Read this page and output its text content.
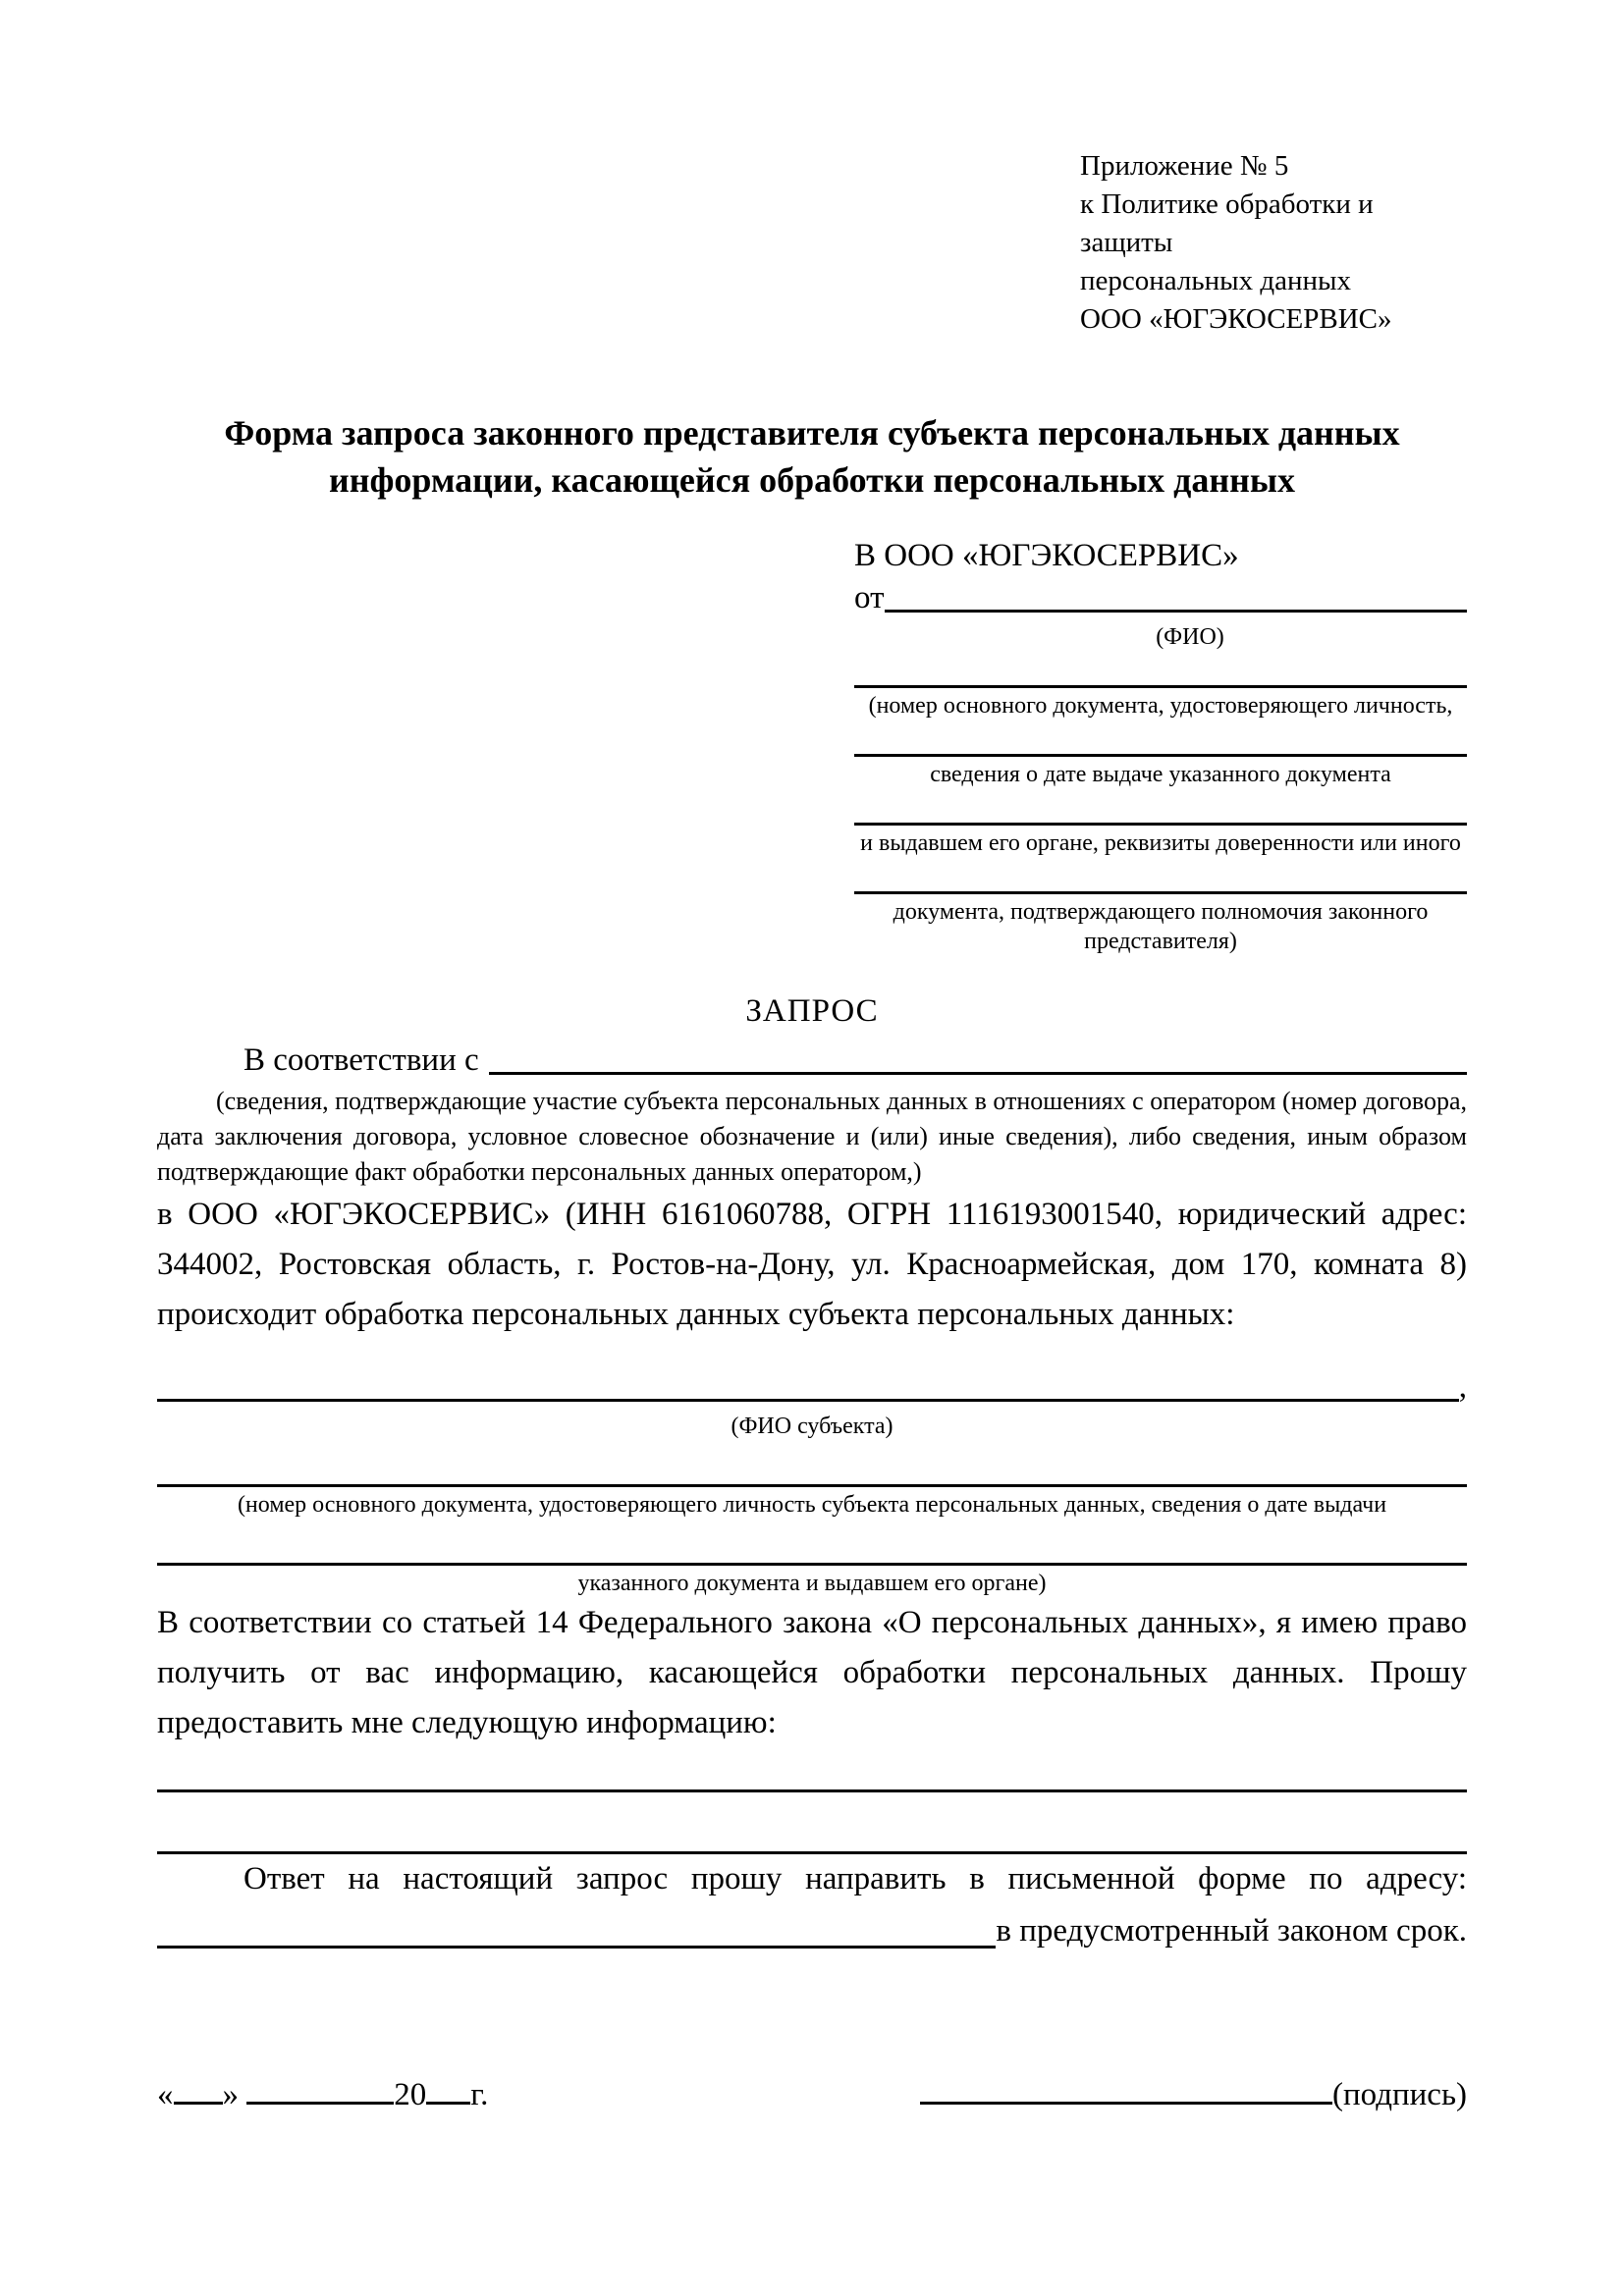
Приложение № 5
к Политике обработки и защиты
персональных данных
ООО «ЮГЭКОСЕРВИС»
Форма запроса законного представителя субъекта персональных данных
информации, касающейся обработки персональных данных
В ООО «ЮГЭКОСЕРВИС»
от
(ФИО)
(номер основного документа, удостоверяющего личность,
сведения о дате выдаче указанного документа
и выдавшем его органе, реквизиты доверенности или иного
документа, подтверждающего полномочия законного представителя)
ЗАПРОС
В соответствии с
(сведения, подтверждающие участие субъекта персональных данных в отношениях с оператором (номер договора, дата заключения договора, условное словесное обозначение и (или) иные сведения), либо сведения, иным образом подтверждающие факт обработки персональных данных оператором,)
в ООО «ЮГЭКОСЕРВИС» (ИНН 6161060788, ОГРН 1116193001540, юридический адрес: 344002, Ростовская область, г. Ростов-на-Дону, ул. Красноармейская, дом 170, комната 8) происходит обработка персональных данных субъекта персональных данных:
,
(ФИО субъекта)
(номер основного документа, удостоверяющего личность субъекта персональных данных, сведения о дате выдачи
указанного документа и выдавшем его органе)
В соответствии со статьей 14 Федерального закона «О персональных данных», я имею право получить от вас информацию, касающейся обработки персональных данных. Прошу предоставить мне следующую информацию:
Ответ на настоящий запрос прошу направить в письменной форме по адресу:
в предусмотренный законом срок.
« »	20 г.	(подпись)
